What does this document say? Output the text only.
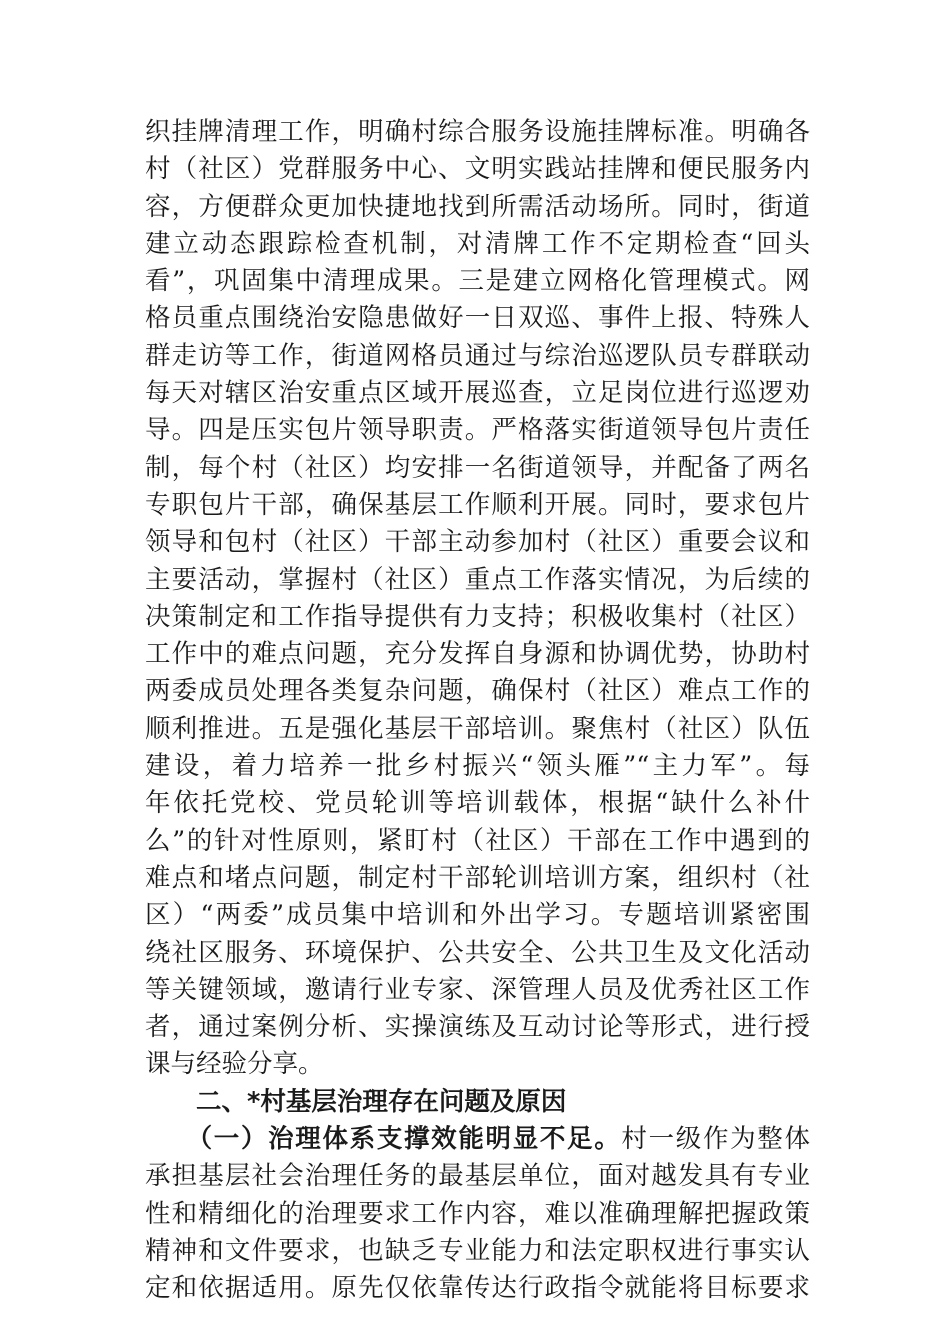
织挂牌清理工作，明确村综合服务设施挂牌标准。明确各
村（社区）党群服务中心、文明实践站挂牌和便民服务内
容，方便群众更加快捷地找到所需活动场所。同时，街道
建立动态跟踪检查机制，对清牌工作不定期检查“回头
看”，巩固集中清理成果。三是建立网格化管理模式。网
格员重点围绕治安隐患做好一日双巡、事件上报、特殊人
群走访等工作，街道网格员通过与综治巡逻队员专群联动
每天对辖区治安重点区域开展巡查，立足岗位进行巡逻劝
导。四是压实包片领导职责。严格落实街道领导包片责任
制，每个村（社区）均安排一名街道领导，并配备了两名
专职包片干部，确保基层工作顺利开展。同时，要求包片
领导和包村（社区）干部主动参加村（社区）重要会议和
主要活动，掌握村（社区）重点工作落实情况，为后续的
决策制定和工作指导提供有力支持；积极收集村（社区）
工作中的难点问题，充分发挥自身源和协调优势，协助村
两委成员处理各类复杂问题，确保村（社区）难点工作的
顺利推进。五是强化基层干部培训。聚焦村（社区）队伍
建设，着力培养一批乡村振兴“领头雁”“主力军”。每
年依托党校、党员轮训等培训载体，根据“缺什么补什
么”的针对性原则，紧盯村（社区）干部在工作中遇到的
难点和堵点问题，制定村干部轮训培训方案，组织村（社
区）“两委”成员集中培训和外出学习。专题培训紧密围
绕社区服务、环境保护、公共安全、公共卫生及文化活动
等关键领域，邀请行业专家、深管理人员及优秀社区工作
者，通过案例分析、实操演练及互动讨论等形式，进行授
课与经验分享。
二、*村基层治理存在问题及原因
　　（一）治理体系支撑效能明显不足。村一级作为整体
承担基层社会治理任务的最基层单位，面对越发具有专业
性和精细化的治理要求工作内容，难以准确理解把握政策
精神和文件要求，也缺乏专业能力和法定职权进行事实认
定和依据适用。原先仅依靠传达行政指令就能将目标要求
